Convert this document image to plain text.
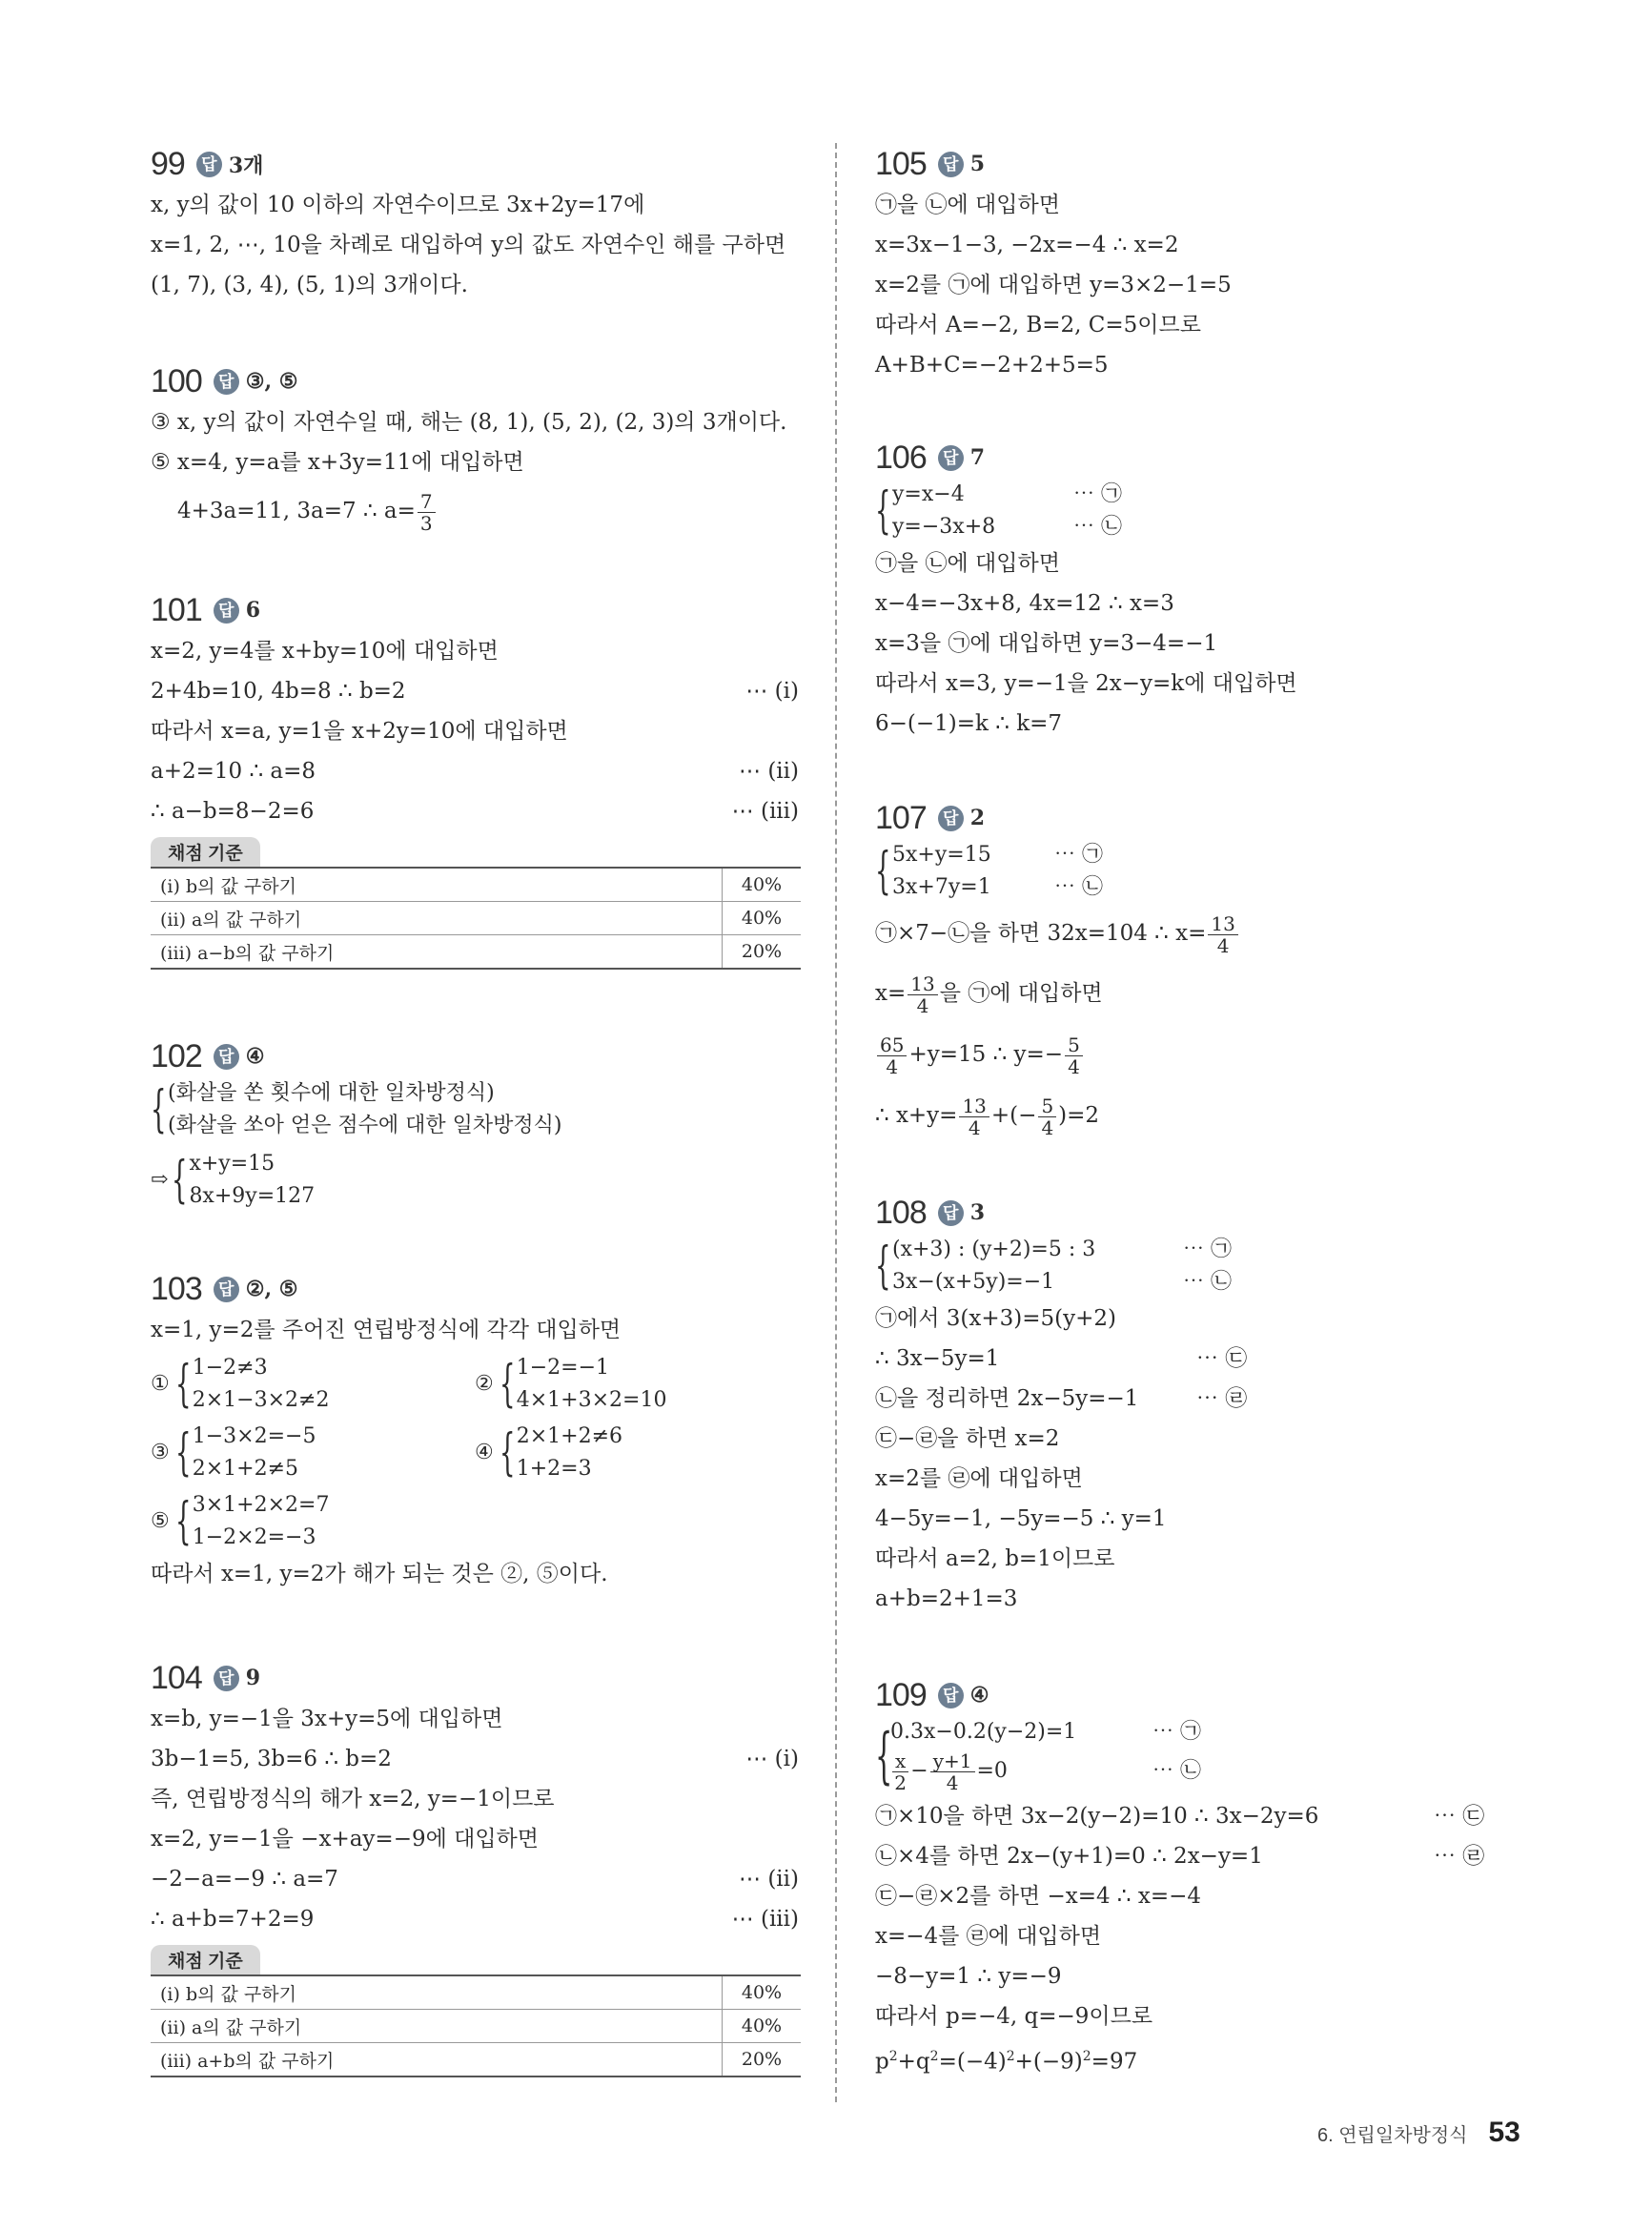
99	답 3개
x, y의 값이 10 이하의 자연수이므로 3x+2y=17에
x=1, 2, ⋯, 10을 차례로 대입하여 y의 값도 자연수인 해를 구하면
(1, 7), (3, 4), (5, 1)의 3개이다.
100	답 ③, ⑤
③ x, y의 값이 자연수일 때, 해는 (8, 1), (5, 2), (2, 3)의 3개이다.
⑤ x=4, y=a를 x+3y=11에 대입하면
4+3a=11, 3a=7 ∴ $a= \frac{7}{3}$
101	답 6
x=2, y=4를 x+by=10에 대입하면
2+4b=10, 4b=8 ∴ b=2	⋯ (i)
따라서 x=a, y=1을 x+2y=10에 대입하면
a+2=10 ∴ a=8	⋯ (ii)
∴ a−b=8−2=6	⋯ (iii)
채점 기준
(i) b의 값 구하기	40%
(ii) a의 값 구하기	40%
(iii) a−b의 값 구하기	20%
102	답 ④
{ (화살을 쏜 횟수에 대한 일차방정식)
(화살을 쏘아 얻은 점수에 대한 일차방정식)
⇨ { x+y=15
8x+9y=127
103	답 ②, ⑤
x=1, y=2를 주어진 연립방정식에 각각 대입하면
① { 1−2≠3
2×1−3×2≠2
② { 1−2=−1
4×1+3×2=10
③ { 1−3×2=−5
2×1+2≠5
④ { 2×1+2≠6
1+2=3
⑤ { 3×1+2×2=7
1−2×2=−3
따라서 x=1, y=2가 해가 되는 것은 ②, ⑤이다.
104	답 9
x=b, y=−1을 3x+y=5에 대입하면
3b−1=5, 3b=6 ∴ b=2	⋯ (i)
즉, 연립방정식의 해가 x=2, y=−1이므로
x=2, y=−1을 −x+ay=−9에 대입하면
−2−a=−9 ∴ a=7	⋯ (ii)
∴ a+b=7+2=9	⋯ (iii)
채점 기준
(i) b의 값 구하기	40%
(ii) a의 값 구하기	40%
(iii) a+b의 값 구하기	20%
105	답 5
㉠을 ㉡에 대입하면
x=3x−1−3, −2x=−4 ∴ x=2
x=2를 ㉠에 대입하면 y=3×2−1=5
따라서 A=−2, B=2, C=5이므로
A+B+C=−2+2+5=5
106	답 7
{ y=x−4	⋯ ㉠
y=−3x+8	⋯ ㉡
㉠을 ㉡에 대입하면
x−4=−3x+8, 4x=12 ∴ x=3
x=3을 ㉠에 대입하면 y=3−4=−1
따라서 x=3, y=−1을 2x−y=k에 대입하면
6−(−1)=k ∴ k=7
107	답 2
{ 5x+y=15	⋯ ㉠
3x+7y=1	⋯ ㉡
㉠×7−㉡을 하면 32x=104 ∴ $x= \frac{13}{4}$
$x= \frac{13}{4}$ 을 ㉠에 대입하면
$\frac{65}{4} +y=15$ ∴ $y=- \frac{5}{4}$
∴ $x+y= \frac{13}{4}$ +(− $\frac{5}{4} )=2$
108	답 3
{ (x+3) : (y+2)=5 : 3	⋯ ㉠
3x−(x+5y)=−1	⋯ ㉡
㉠에서 3(x+3)=5(y+2)
∴ 3x−5y=1	⋯ ㉢
㉡을 정리하면 2x−5y=−1	⋯ ㉣
㉢−㉣을 하면 x=2
x=2를 ㉣에 대입하면
4−5y=−1, −5y=−5 ∴ y=1
따라서 a=2, b=1이므로
a+b=2+1=3
109	답 ④
{
0.3x−0.2(y−2)=1	⋯ ㉠
$\frac{x}{2} - \frac{y+1}{4} =0$	⋯ ㉡
㉠×10을 하면 3x−2(y−2)=10 ∴ 3x−2y=6	⋯ ㉢
㉡×4를 하면 2x−(y+1)=0 ∴ 2x−y=1	⋯ ㉣
㉢−㉣×2를 하면 −x=4 ∴ x=−4
x=−4를 ㉣에 대입하면
−8−y=1 ∴ y=−9
따라서 p=−4, q=−9이므로
$p^2+q^2=(-4)^2+(-9)^2=97$
6. 연립일차방정식 53
